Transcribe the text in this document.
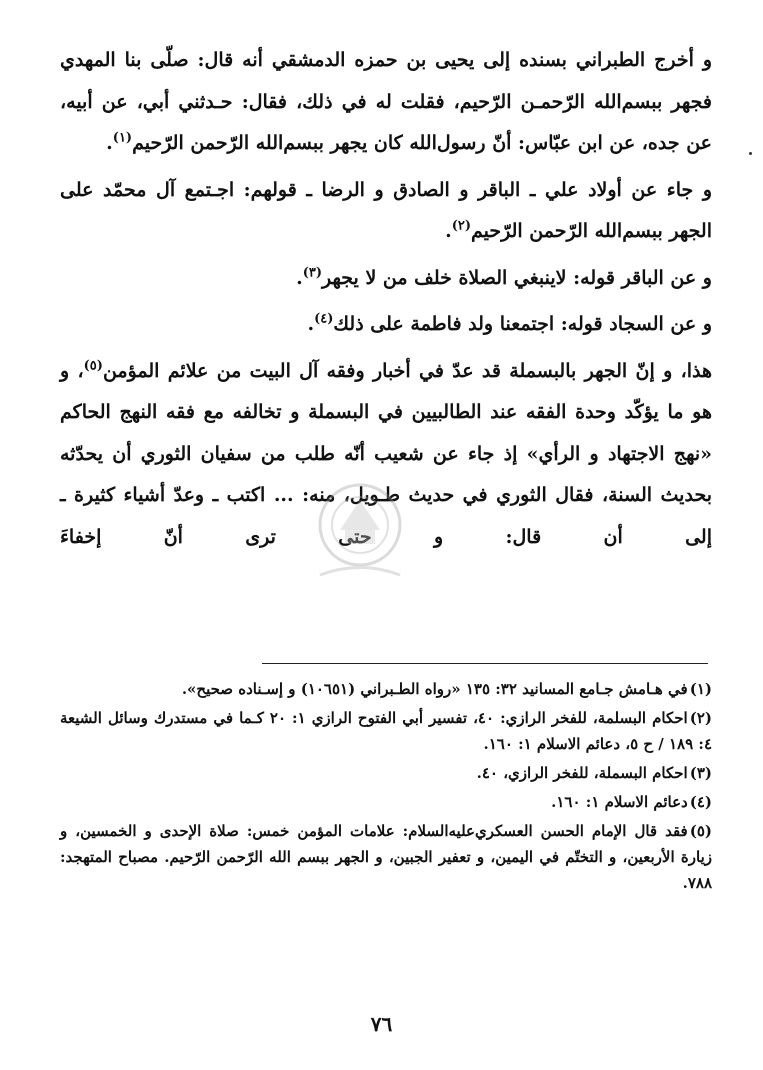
و أخرج الطبراني بسنده إلى يحيى بن حمزه الدمشقي أنه قال: صلّى بنا المهدي فجهر ببسم‌الله الرّحمـن الرّحيم، فقلت له في ذلك، فقال: حـدثني أبي، عن أبيه، عن جده، عن ابن عبّاس: أنّ رسول‌الله كان يجهر ببسم‌الله الرّحمن الرّحيم$^{(١)}$.

و جاء عن أولاد علي ـ الباقر و الصادق و الرضا ـ قولهم: اجـتمع آل محمّد على الجهر ببسم‌الله الرّحمن الرّحيم$^{(٢)}$.

و عن الباقر قوله: لاينبغي الصلاة خلف من لا يجهر$^{(٣)}$.

و عن السجاد قوله: اجتمعنا ولد فاطمة على ذلك$^{(٤)}$.

هذا، و إنّ الجهر بالبسملة قد عدّ في أخبار وفقه آل البيت من علائم المؤمن$^{(٥)}$، و هو ما يؤكّد وحدة الفقه عند الطالبيين في البسملة و تخالفه مع فقه النهج الحاكم «نهج الاجتهاد و الرأي» إذ جاء عن شعيب أنّه طلب من سفيان الثوري أن يحدّثه بحديث السنة، فقال الثوري في حديث طـويل، منه: ... اكتب ـ وعدّ أشياء كثيرة ـ إلى أن قال: و حتى ترى أنّ إخفاءَ

(١)في هـامش جـامع المسانيد ٣٢: ١٣٥ «رواه الطـبراني (١٠٦٥١) و إسـناده صحيح».

(٢)احكام البسلمة، للفخر الرازي: ٤٠، تفسير أبي الفتوح الرازي ١: ٢٠ كـما في مستدرك وسائل الشيعة ٤: ١٨٩ / ح ٥، دعائم الاسلام ١: ١٦٠.

(٣)احكام البسملة، للفخر الرازي، ٤٠.

(٤)دعائم الاسلام ١: ١٦٠.

(٥)فقد قال الإمام الحسن العسكري‌عليه‌السلام: علامات المؤمن خمس: صلاة الإحدى و الخمسين، و زيارة الأربعين، و التختّم في اليمين، و تعفير الجبين، و الجهر ببسم الله الرّحمن الرّحيم. مصباح المتهجد: ٧٨٨.

٧٦
